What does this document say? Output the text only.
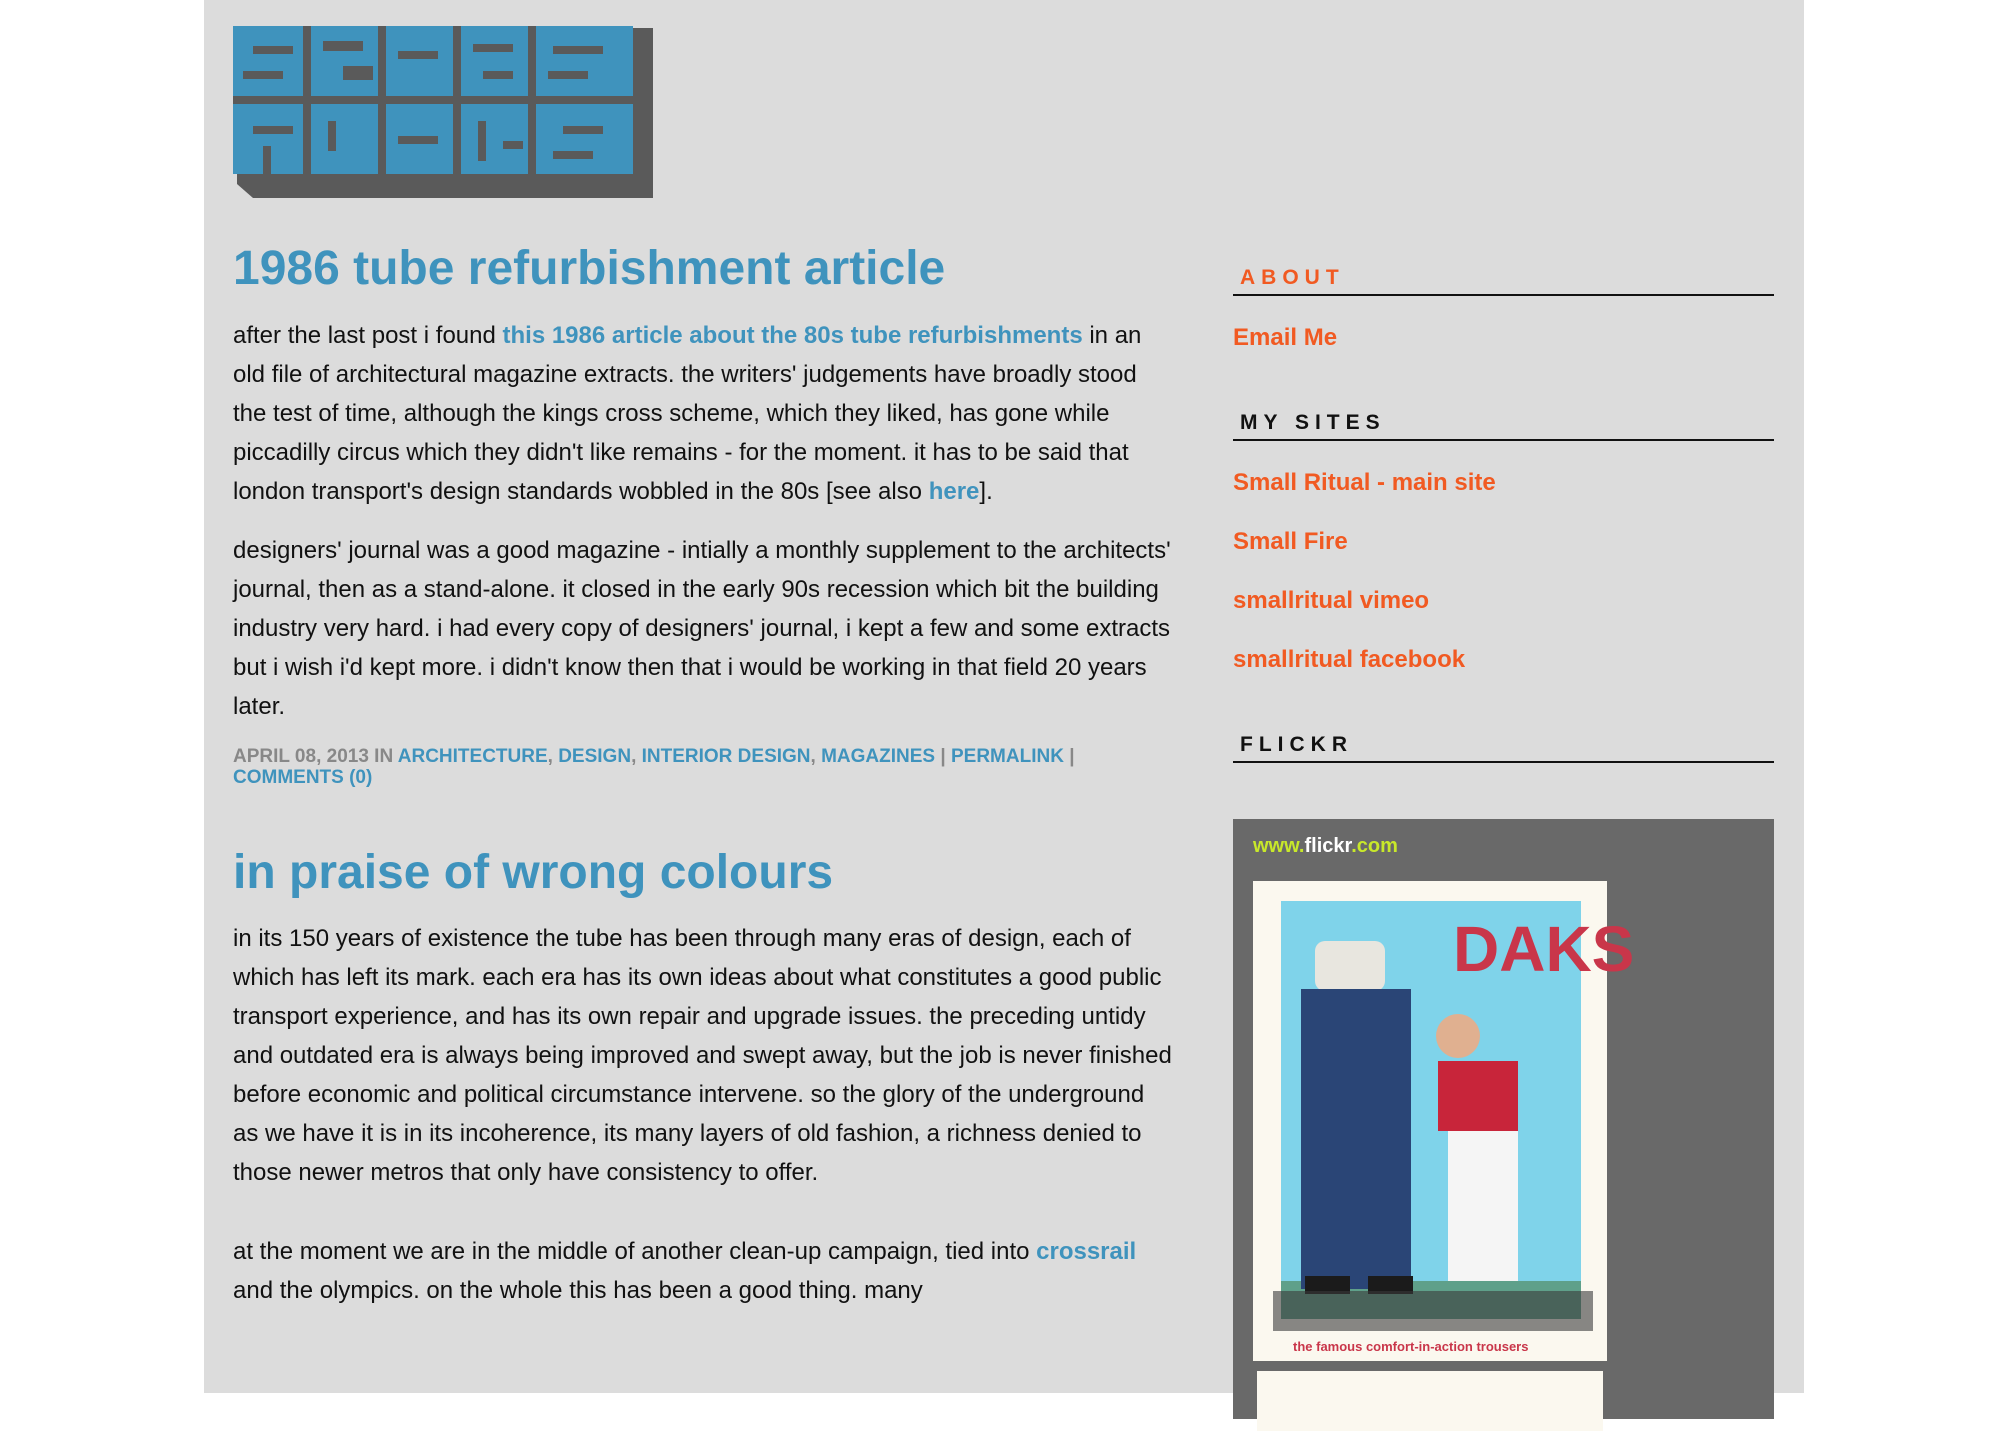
1986 tube refurbishment article

after the last post i found this 1986 article about the 80s tube refurbishments in an old file of architectural magazine extracts. the writers' judgements have broadly stood the test of time, although the kings cross scheme, which they liked, has gone while piccadilly circus which they didn't like remains - for the moment. it has to be said that london transport's design standards wobbled in the 80s [see also here].

designers' journal was a good magazine - intially a monthly supplement to the architects' journal, then as a stand-alone. it closed in the early 90s recession which bit the building industry very hard. i had every copy of designers' journal, i kept a few and some extracts but i wish i'd kept more. i didn't know then that i would be working in that field 20 years later.

APRIL 08, 2013 IN ARCHITECTURE, DESIGN, INTERIOR DESIGN, MAGAZINES | PERMALINK |
COMMENTS (0)
in praise of wrong colours

in its 150 years of existence the tube has been through many eras of design, each of which has left its mark. each era has its own ideas about what constitutes a good public transport experience, and has its own repair and upgrade issues. the preceding untidy and outdated era is always being improved and swept away, but the job is never finished before economic and political circumstance intervene. so the glory of the underground as we have it is in its incoherence, its many layers of old fashion, a richness denied to those newer metros that only have consistency to offer.

at the moment we are in the middle of another clean-up campaign, tied into crossrail and the olympics. on the whole this has been a good thing. many

ABOUT
Email Me
MY SITES
Small Ritual - main site
Small Fire
smallritual vimeo
smallritual facebook
FLICKR
www.flickr.com
DAKS
the famous comfort-in-action trousers
